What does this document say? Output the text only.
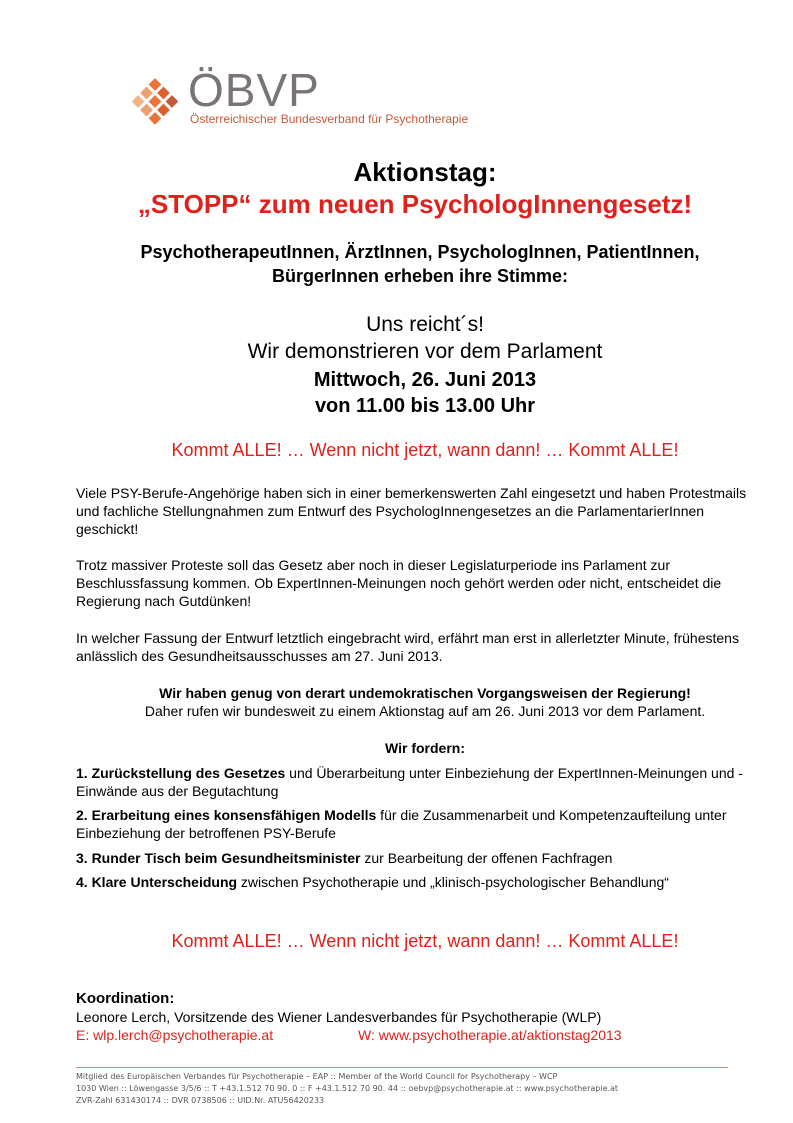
ÖBVP
Österreichischer Bundesverband für Psychotherapie
Aktionstag:
„STOPP“ zum neuen PsychologInnengesetz!
PsychotherapeutInnen, ÄrztInnen, PsychologInnen, PatientInnen,
BürgerInnen erheben ihre Stimme:
Uns reicht´s!
Wir demonstrieren vor dem Parlament
Mittwoch, 26. Juni 2013
von 11.00 bis 13.00 Uhr
Kommt ALLE! … Wenn nicht jetzt, wann dann! … Kommt ALLE!

Viele PSY-Berufe-Angehörige haben sich in einer bemerkenswerten Zahl eingesetzt und haben Protestmails und fachliche Stellungnahmen zum Entwurf des PsychologInnengesetzes an die ParlamentarierInnen geschickt!

Trotz massiver Proteste soll das Gesetz aber noch in dieser Legislaturperiode ins Parlament zur Beschlussfassung kommen. Ob ExpertInnen-Meinungen noch gehört werden oder nicht, entscheidet die Regierung nach Gutdünken!

In welcher Fassung der Entwurf letztlich eingebracht wird, erfährt man erst in allerletzter Minute, frühestens anlässlich des Gesundheitsausschusses am 27. Juni 2013.

Wir haben genug von derart undemokratischen Vorgangsweisen der Regierung!
Daher rufen wir bundesweit zu einem Aktionstag auf am 26. Juni 2013 vor dem Parlament.
Wir fordern:

1. Zurückstellung des Gesetzes und Überarbeitung unter Einbeziehung der ExpertInnen-Meinungen und -Einwände aus der Begutachtung

2. Erarbeitung eines konsensfähigen Modells für die Zusammenarbeit und Kompetenzaufteilung unter Einbeziehung der betroffenen PSY-Berufe

3. Runder Tisch beim Gesundheitsminister zur Bearbeitung der offenen Fachfragen

4. Klare Unterscheidung zwischen Psychotherapie und „klinisch-psychologischer Behandlung“

Kommt ALLE! … Wenn nicht jetzt, wann dann! … Kommt ALLE!
Koordination:
Leonore Lerch, Vorsitzende des Wiener Landesverbandes für Psychotherapie (WLP)
E: wlp.lerch@psychotherapie.at	W: www.psychotherapie.at/aktionstag2013
Mitglied des Europäischen Verbandes für Psychotherapie – EAP :: Member of the World Council for Psychotherapy – WCP
1030 Wien :: Löwengasse 3/5/6 :: T +43.1.512 70 90. 0 :: F +43.1.512 70 90. 44 :: oebvp@psychotherapie.at :: www.psychotherapie.at
ZVR-Zahl 631430174 :: DVR 0738506 :: UID.Nr. ATU56420233
